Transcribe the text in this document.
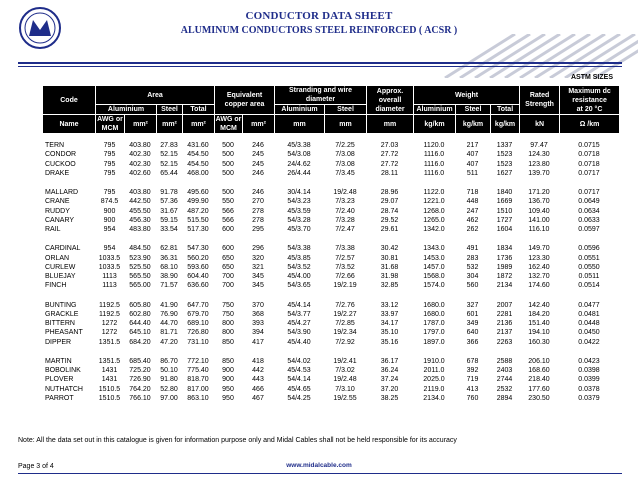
CONDUCTOR DATA SHEET
ALUMINUM CONDUCTORS STEEL REINFORCED ( ACSR )
ASTM SIZES
Code	Area				Equivalent
copper area		Stranding and wire diameter		Approx. overall
diameter	Weight			Rated
Strength	Maximum dc resistance
at 20 °C
	Aluminium		Steel	Total			Aluminium	Steel		Aluminium	Steel	Total		
Name	AWG or MCM	mm²	mm²	mm²	AWG or MCM	mm²	mm	mm	mm	kg/km	kg/km	kg/km	kN	Ω /km
TERN	795	403.80	27.83	431.60	500	246	45/3.38	7/2.25	27.03	1120.0	217	1337	97.47	0.0715
CONDOR	795	402.30	52.15	454.50	500	245	54/3.08	7/3.08	27.72	1116.0	407	1523	124.30	0.0718
CUCKOO	795	402.30	52.15	454.50	500	245	24/4.62	7/3.08	27.72	1116.0	407	1523	123.80	0.0718
DRAKE	795	402.60	65.44	468.00	500	246	26/4.44	7/3.45	28.11	1116.0	511	1627	139.70	0.0717

MALLARD	795	403.80	91.78	495.60	500	246	30/4.14	19/2.48	28.96	1122.0	718	1840	171.20	0.0717
CRANE	874.5	442.50	57.36	499.90	550	270	54/3.23	7/3.23	29.07	1221.0	448	1669	136.70	0.0649
RUDDY	900	455.50	31.67	487.20	566	278	45/3.59	7/2.40	28.74	1268.0	247	1510	109.40	0.0634
CANARY	900	456.30	59.15	515.50	566	278	54/3.28	7/3.28	29.52	1265.0	462	1727	141.00	0.0633
RAIL	954	483.80	33.54	517.30	600	295	45/3.70	7/2.47	29.61	1342.0	262	1604	116.10	0.0597

CARDINAL	954	484.50	62.81	547.30	600	296	54/3.38	7/3.38	30.42	1343.0	491	1834	149.70	0.0596
ORLAN	1033.5	523.90	36.31	560.20	650	320	45/3.85	7/2.57	30.81	1453.0	283	1736	123.30	0.0551
CURLEW	1033.5	525.50	68.10	593.60	650	321	54/3.52	7/3.52	31.68	1457.0	532	1989	162.40	0.0550
BLUEJAY	1113	565.50	38.90	604.40	700	345	45/4.00	7/2.66	31.98	1568.0	304	1872	132.70	0.0511
FINCH	1113	565.00	71.57	636.60	700	345	54/3.65	19/2.19	32.85	1574.0	560	2134	174.60	0.0514

BUNTING	1192.5	605.80	41.90	647.70	750	370	45/4.14	7/2.76	33.12	1680.0	327	2007	142.40	0.0477
GRACKLE	1192.5	602.80	76.90	679.70	750	368	54/3.77	19/2.27	33.97	1680.0	601	2281	184.20	0.0481
BITTERN	1272	644.40	44.70	689.10	800	393	45/4.27	7/2.85	34.17	1787.0	349	2136	151.40	0.0448
PHEASANT	1272	645.10	81.71	726.80	800	394	54/3.90	19/2.34	35.10	1797.0	640	2137	194.10	0.0450
DIPPER	1351.5	684.20	47.20	731.10	850	417	45/4.40	7/2.92	35.16	1897.0	366	2263	160.30	0.0422

MARTIN	1351.5	685.40	86.70	772.10	850	418	54/4.02	19/2.41	36.17	1910.0	678	2588	206.10	0.0423
BOBOLINK	1431	725.20	50.10	775.40	900	442	45/4.53	7/3.02	36.24	2011.0	392	2403	168.60	0.0398
PLOVER	1431	726.90	91.80	818.70	900	443	54/4.14	19/2.48	37.24	2025.0	719	2744	218.40	0.0399
NUTHATCH	1510.5	764.20	52.80	817.00	950	466	45/4.65	7/3.10	37.20	2119.0	413	2532	177.60	0.0378
PARROT	1510.5	766.10	97.00	863.10	950	467	54/4.25	19/2.55	38.25	2134.0	760	2894	230.50	0.0379
Note: All the data set out in this catalogue is given for information purpose only and Midal Cables shall not be held responsible for its accuracy
Page 3 of 4	www.midalcable.com
